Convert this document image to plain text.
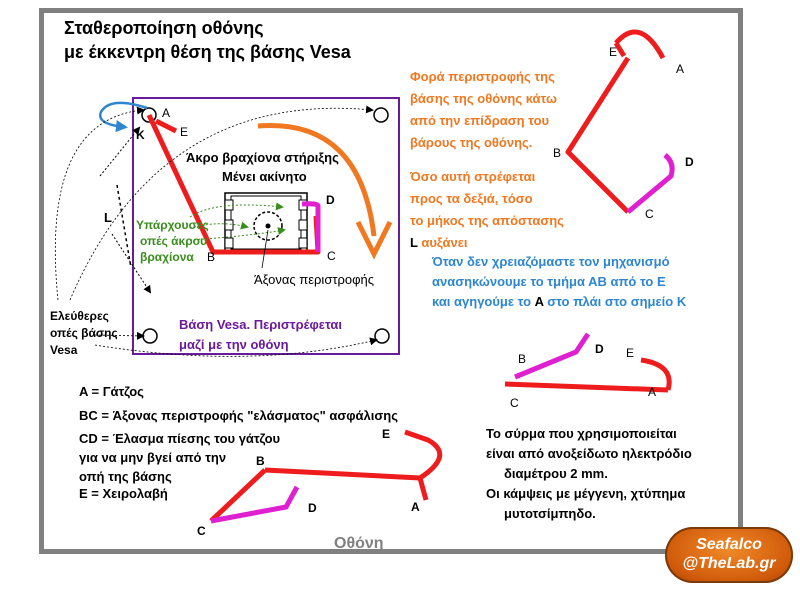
Σταθεροποίηση οθόνης
με έκκεντρη θέση της βάσης Vesa
A
E
K
B	C
D
Άκρο βραχίονα στήριξης
Μένει ακίνητο
Υπάρχουσες
οπές άκρου
βραχίονα
Άξονας περιστροφής
L
Ελεύθερες
οπές βάσης
Vesa
Βάση Vesa. Περιστρέφεται
μαζί με την οθόνη
Φορά περιστροφής της
βάσης της οθόνης κάτω
από την επίδραση του
βάρους της οθόνης.
Όσο αυτή στρέφεται
προς τα δεξιά, τόσο
το μήκος της απόστασης
L αυξάνει
E
A
B
D
C
Όταν δεν χρειαζόμαστε τον μηχανισμό
ανασηκώνουμε το τμήμα ΑΒ από το Ε
και αγηγούμε το A στο πλάι στο σημείο Κ
B
D E
C
A
A = Γάτζος
BC = Άξονας περιστροφής "ελάσματος" ασφάλισης
CD = Έλασμα πίεσης του γάτζου
για να μην βγεί από την
οπή της βάσης
E = Χειρολαβή
E
B
D	A
C
Το σύρμα που χρησιμοποιείται
είναι από ανοξείδωτο ηλεκτρόδιο
διαμέτρου 2 mm.
Οι κάμψεις με μέγγενη, χτύπημα
μυτοτσίμπηδο.
Οθόνη	Seafalco
@TheLab.gr
